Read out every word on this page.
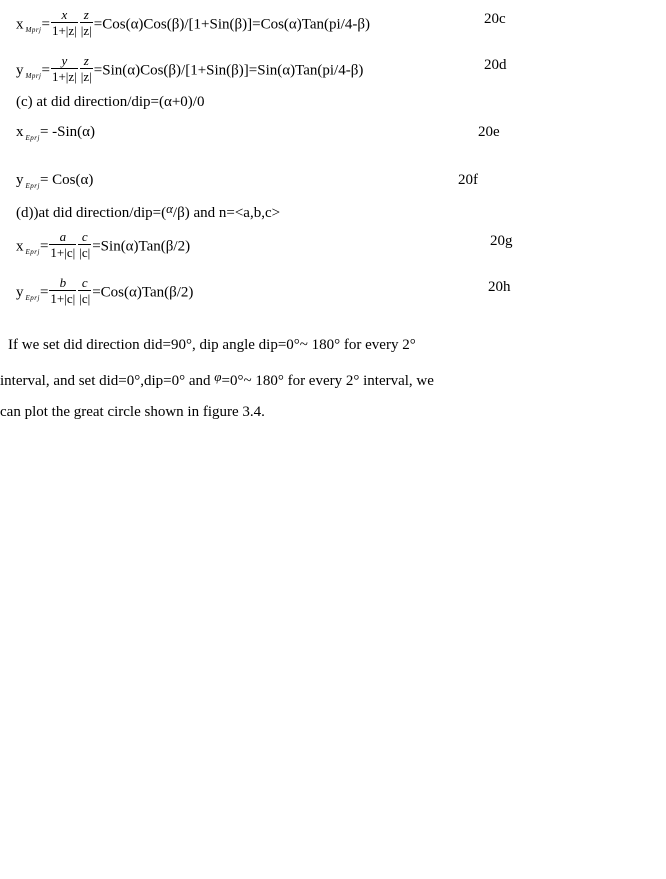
x $_{Mprj}= \frac{x}{1+|z|} \frac{z}{|z|} =Cos(\alpha)Cos(\beta)/[1+Sin(\beta)]=Cos(\alpha)Tan(pi/4-\beta)$	20c
y $_{Mprj}= \frac{y}{1+|z|} \frac{z}{|z|} =Sin(\alpha)Cos(\beta)/[1+Sin(\beta)]=Sin(\alpha)Tan(pi/4-\beta)$	20d
(c) at did direction/dip=(α+0)/0
x $_{Eprj}$= -Sin(α)	20e
y $_{Eprj}$= Cos(α)	20f
(d))at did direction/dip=(α/β) and n=<a,b,c>
x $_{Eprj}= \frac{a}{1+|c|} \frac{c}{|c|} =Sin(\alpha)Tan(\beta/2)$	20g
y $_{Eprj}= \frac{b}{1+|c|} \frac{c}{|c|} =Cos(\alpha)Tan(\beta/2)$	20h
If we set did direction did=90°, dip angle dip=0°~ 180° for every 2°
interval, and set did=0°,dip=0° and φ=0°~ 180° for every 2° interval, we
can plot the great circle shown in figure 3.4.
